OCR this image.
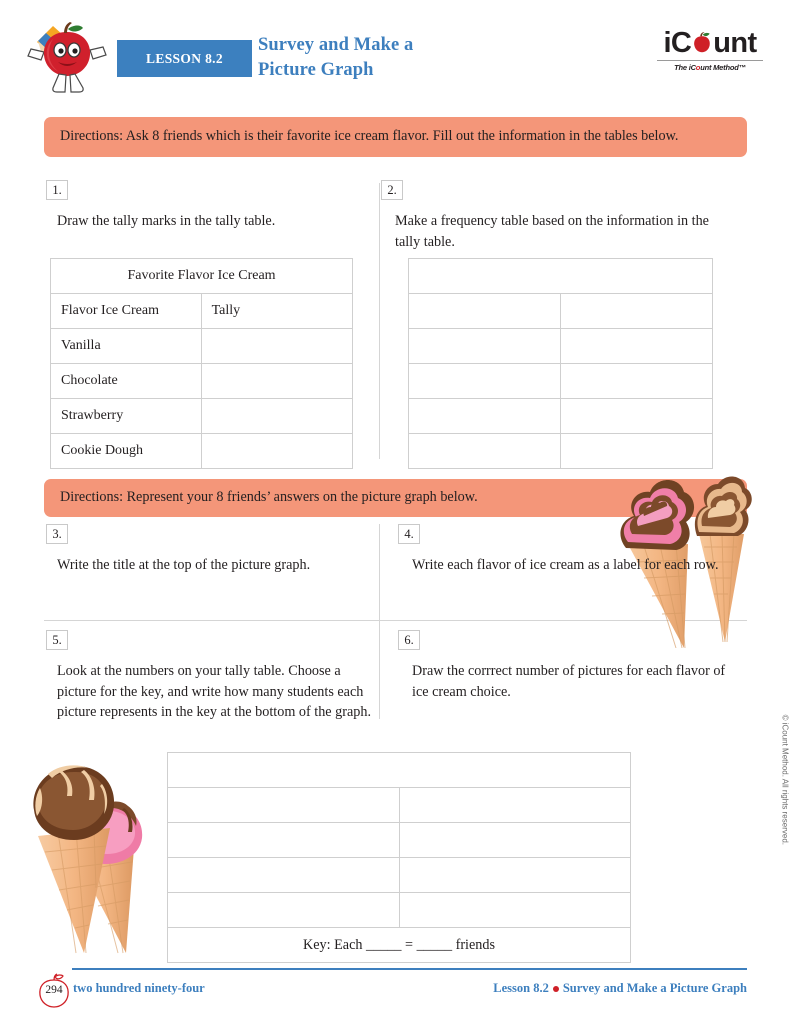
LESSON 8.2
Survey and Make a
Picture Graph
iC unt
The iCount Method™
Directions: Ask 8 friends which is their favorite ice cream flavor. Fill out the information in the tables below.
1.
Draw the tally marks in the tally table.
2.
Make a frequency table based on the information in the tally table.
Favorite Flavor Ice Cream	
Flavor Ice Cream	Tally
Vanilla	
Chocolate	
Strawberry	
Cookie Dough	

Directions: Represent your 8 friends’ answers on the picture graph below.
3.
Write the title at the top of the picture graph.
4.
Write each flavor of ice cream as a label for each row.
5.
Look at the numbers on your tally table. Choose a picture for the key, and write how many students each picture represents in the key at the bottom of the graph.
6.
Draw the corrrect number of pictures for each flavor of ice cream choice.

Key: Each _____ = _____ friends	
294 two hundred ninety-four	Lesson 8.2 Survey and Make a Picture Graph
© iCount Method. All rights reserved.
